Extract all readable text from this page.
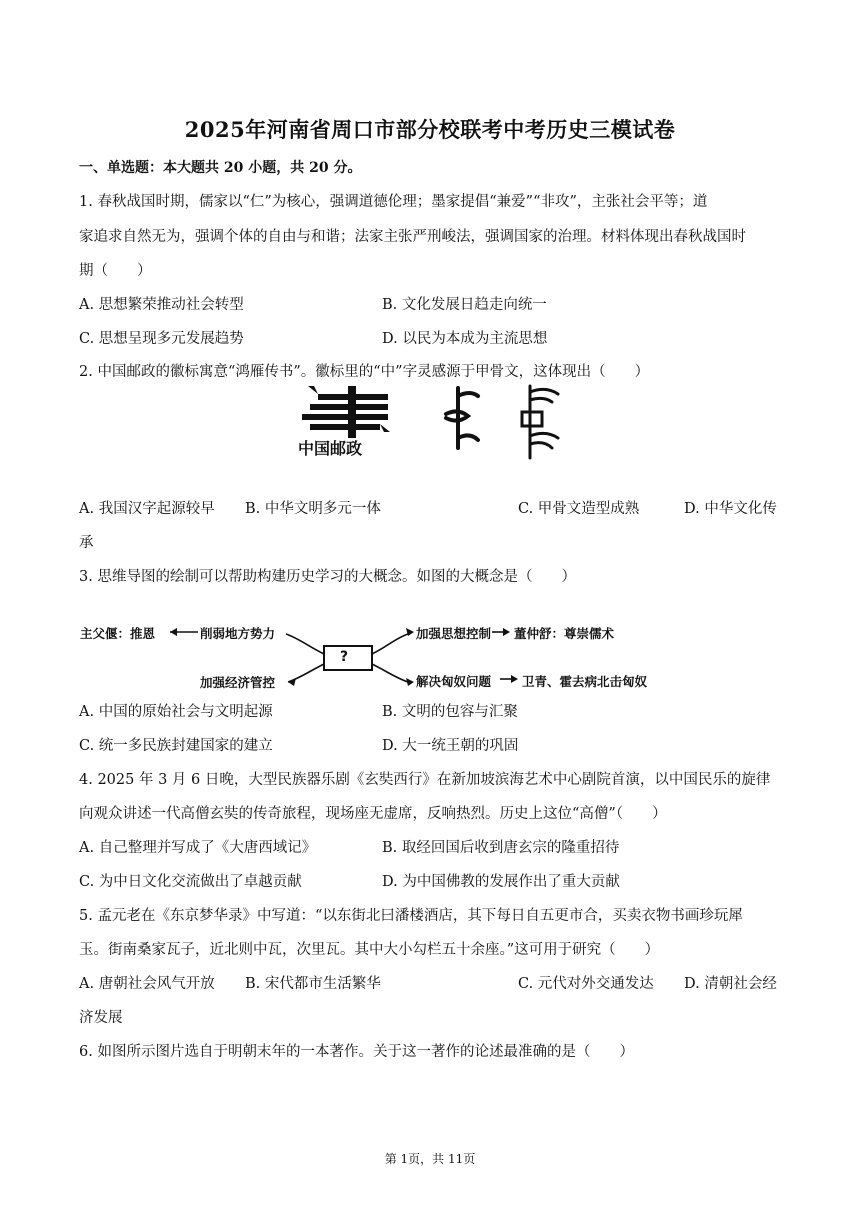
2025年河南省周口市部分校联考中考历史三模试卷
一、单选题：本大题共 20 小题，共 20 分。
1. 春秋战国时期，儒家以“仁”为核心，强调道德伦理；墨家提倡“兼爱”“非攻”，主张社会平等；道
家追求自然无为，强调个体的自由与和谐；法家主张严刑峻法，强调国家的治理。材料体现出春秋战国时
期（　　）
A. 思想繁荣推动社会转型	B. 文化发展日趋走向统一
C. 思想呈现多元发展趋势	D. 以民为本成为主流思想
2. 中国邮政的徽标寓意“鸿雁传书”。徽标里的“中”字灵感源于甲骨文，这体现出（　　）
中国邮政
A. 我国汉字起源较早 B. 中华文明多元一体	C. 甲骨文造型成熟	D. 中华文化传
承
3. 思维导图的绘制可以帮助构建历史学习的大概念。如图的大概念是（　　）
主父偃：推恩	削弱地方势力
加强经济管控
?
加强思想控制 董仲舒：尊崇儒术
解决匈奴问题 卫青、霍去病北击匈奴
A. 中国的原始社会与文明起源	B. 文明的包容与汇聚
C. 统一多民族封建国家的建立	D. 大一统王朝的巩固
4. 2025 年 3 月 6 日晚，大型民族器乐剧《玄奘西行》在新加坡滨海艺术中心剧院首演，以中国民乐的旋律
向观众讲述一代高僧玄奘的传奇旅程，现场座无虚席，反响热烈。历史上这位“高僧”（　　）
A. 自己整理并写成了《大唐西域记》	B. 取经回国后收到唐玄宗的隆重招待
C. 为中日文化交流做出了卓越贡献	D. 为中国佛教的发展作出了重大贡献
5. 孟元老在《东京梦华录》中写道：“以东街北曰潘楼酒店，其下每日自五更市合，买卖衣物书画珍玩犀
玉。街南桑家瓦子，近北则中瓦，次里瓦。其中大小勾栏五十余座。”这可用于研究（　　）
A. 唐朝社会风气开放 B. 宋代都市生活繁华	C. 元代对外交通发达 D. 清朝社会经
济发展
6. 如图所示图片选自于明朝末年的一本著作。关于这一著作的论述最准确的是（　　）
第 1页，共 11页
